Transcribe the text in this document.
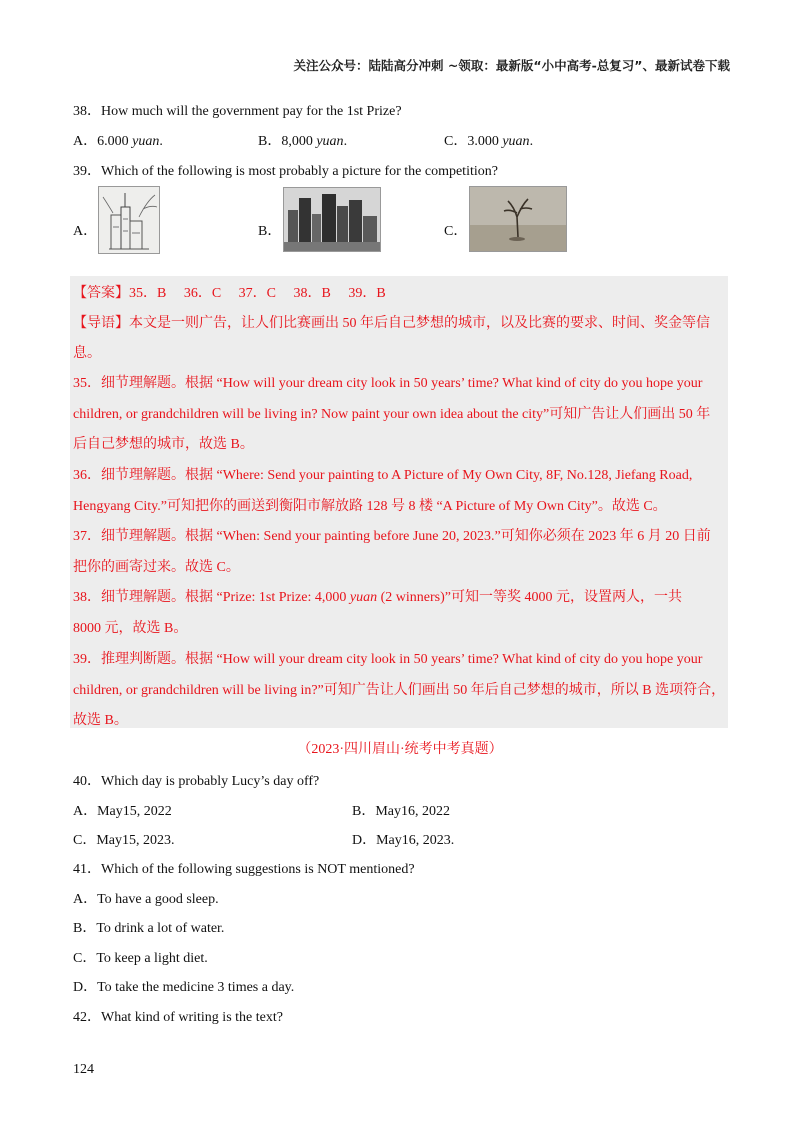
关注公众号：陆陆高分冲刺 ~领取：最新版“小中高考-总复习”、最新试卷下载
38．How much will the government pay for the 1st Prize?
A．6.000 yuan.	B．8,000 yuan.	C．3.000 yuan.
39．Which of the following is most probably a picture for the competition?
A．	B．	C．
【答案】35．B　 36．C　 37．C　 38．B　 39．B
【导语】本文是一则广告，让人们比赛画出 50 年后自己梦想的城市，以及比赛的要求、时间、奖金等信
息。
35．细节理解题。根据 “How will your dream city look in 50 years’ time? What kind of city do you hope your
children, or grandchildren will be living in? Now paint your own idea about the city”可知广告让人们画出 50 年
后自己梦想的城市，故选 B。
36．细节理解题。根据 “Where: Send your painting to A Picture of My Own City, 8F, No.128, Jiefang Road,
Hengyang City.”可知把你的画送到衡阳市解放路 128 号 8 楼 “A Picture of My Own City”。故选 C。
37．细节理解题。根据 “When: Send your painting before June 20, 2023.”可知你必须在 2023 年 6 月 20 日前
把你的画寄过来。故选 C。
38．细节理解题。根据 “Prize: 1st Prize: 4,000 yuan (2 winners)”可知一等奖 4000 元，设置两人，一共
8000 元，故选 B。
39．推理判断题。根据 “How will your dream city look in 50 years’ time? What kind of city do you hope your
children, or grandchildren will be living in?”可知广告让人们画出 50 年后自己梦想的城市，所以 B 选项符合，
故选 B。
（2023·四川眉山·统考中考真题）
40．Which day is probably Lucy’s day off?
A．May15, 2022	B．May16, 2022
C．May15, 2023.	D．May16, 2023.
41．Which of the following suggestions is NOT mentioned?
A．To have a good sleep.
B．To drink a lot of water.
C．To keep a light diet.
D．To take the medicine 3 times a day.
42．What kind of writing is the text?
124
